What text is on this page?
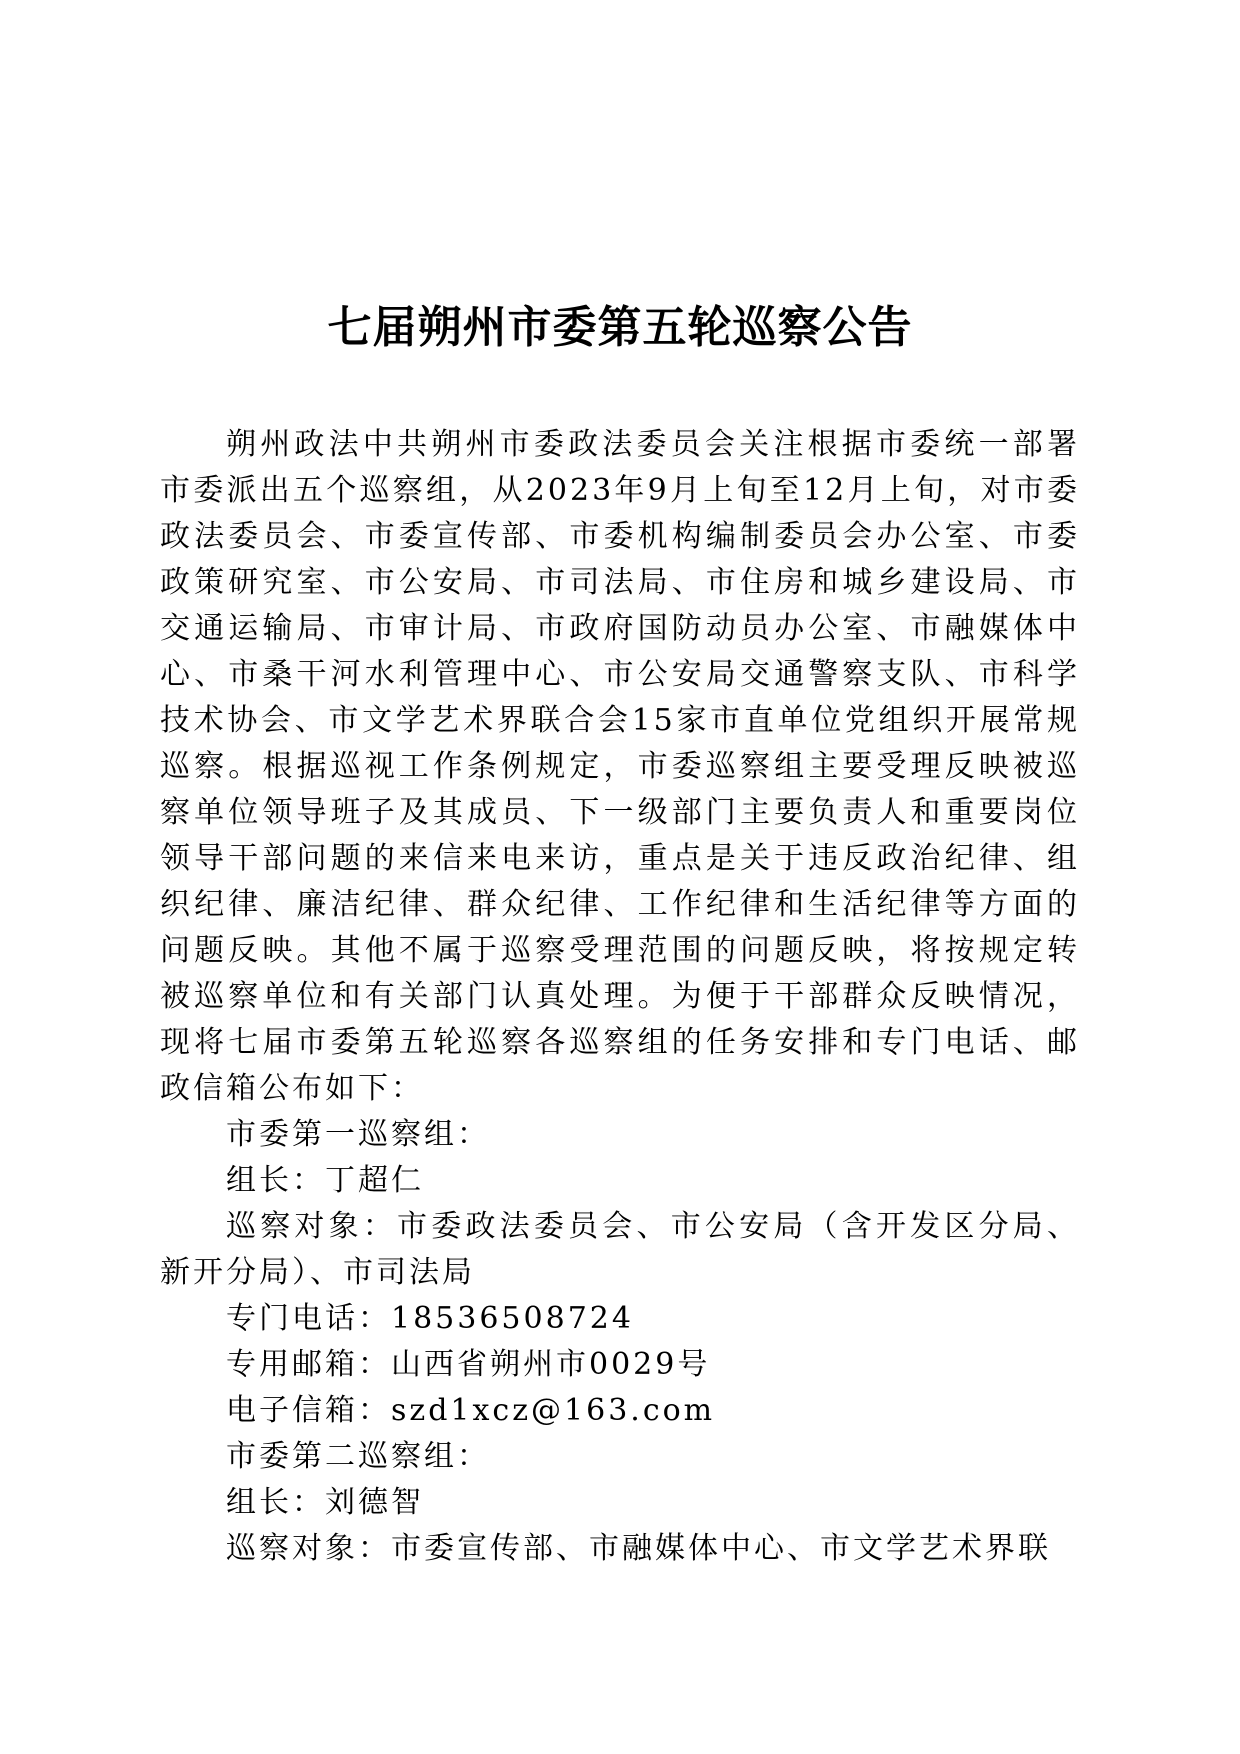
七届朔州市委第五轮巡察公告

朔州政法中共朔州市委政法委员会关注根据市委统一部署市委派出五个巡察组，从2023年9月上旬至12月上旬，对市委政法委员会、市委宣传部、市委机构编制委员会办公室、市委政策研究室、市公安局、市司法局、市住房和城乡建设局、市交通运输局、市审计局、市政府国防动员办公室、市融媒体中心、市桑干河水利管理中心、市公安局交通警察支队、市科学技术协会、市文学艺术界联合会15家市直单位党组织开展常规巡察。根据巡视工作条例规定，市委巡察组主要受理反映被巡察单位领导班子及其成员、下一级部门主要负责人和重要岗位领导干部问题的来信来电来访，重点是关于违反政治纪律、组织纪律、廉洁纪律、群众纪律、工作纪律和生活纪律等方面的问题反映。其他不属于巡察受理范围的问题反映，将按规定转被巡察单位和有关部门认真处理。为便于干部群众反映情况，现将七届市委第五轮巡察各巡察组的任务安排和专门电话、邮政信箱公布如下：

市委第一巡察组：

组长：丁超仁

巡察对象：市委政法委员会、市公安局（含开发区分局、新开分局）、市司法局

专门电话：18536508724

专用邮箱：山西省朔州市0029号

电子信箱：szd1xcz@163.com

市委第二巡察组：

组长：刘德智

巡察对象：市委宣传部、市融媒体中心、市文学艺术界联
